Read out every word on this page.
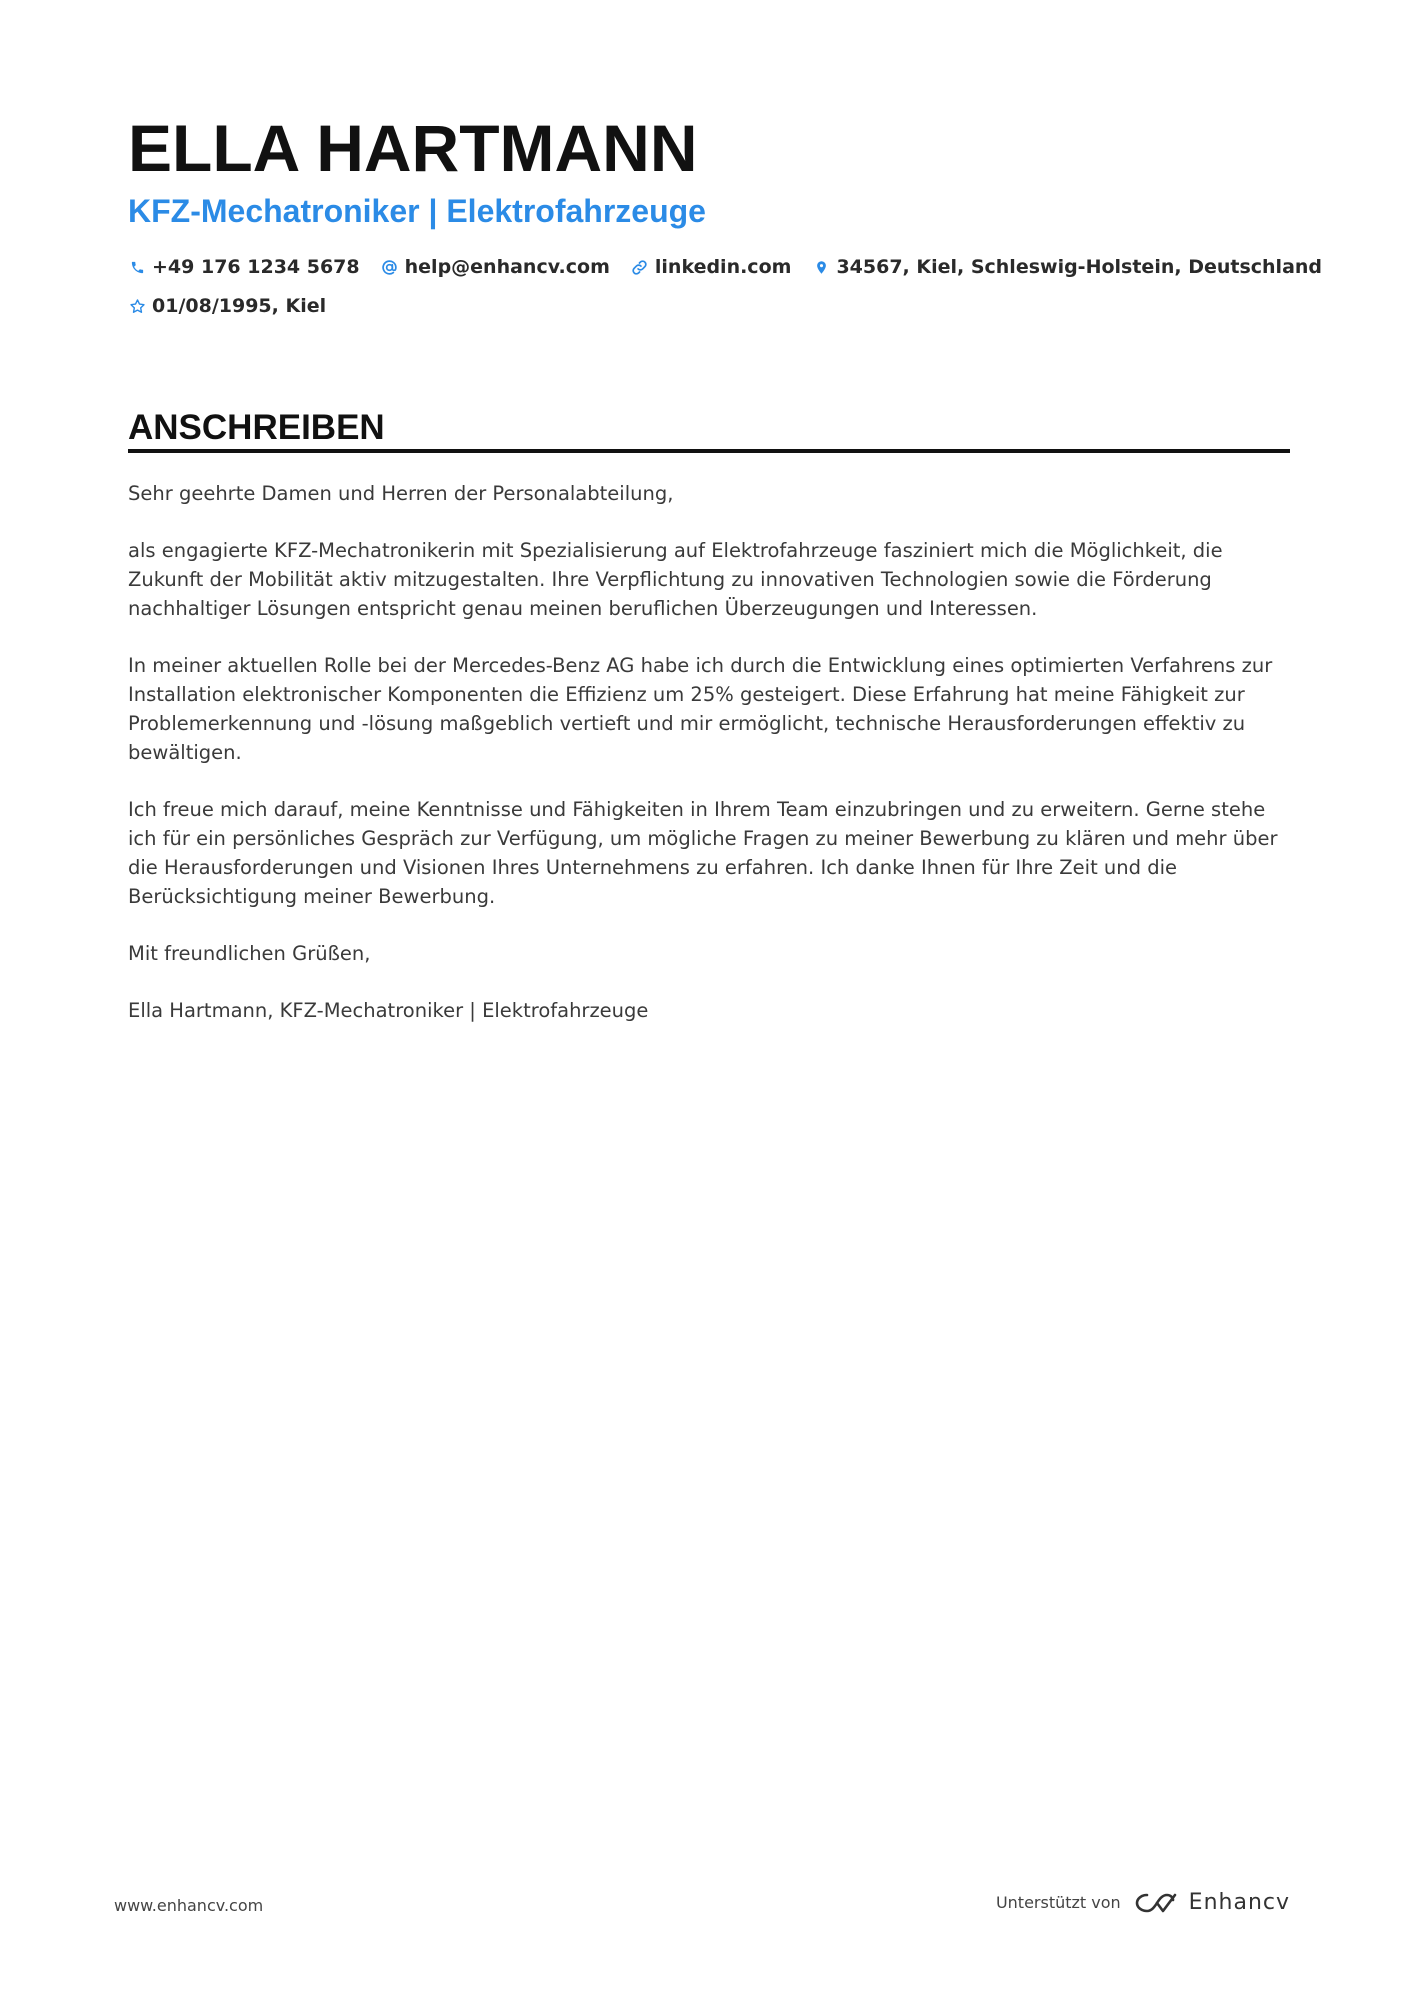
ELLA HARTMANN
KFZ-Mechatroniker | Elektrofahrzeuge
+49 176 1234 5678 help@enhancv.com linkedin.com 34567, Kiel, Schleswig-Holstein, Deutschland
01/08/1995, Kiel
ANSCHREIBEN

Sehr geehrte Damen und Herren der Personalabteilung,

als engagierte KFZ-Mechatronikerin mit Spezialisierung auf Elektrofahrzeuge fasziniert mich die Möglichkeit, die Zukunft der Mobilität aktiv mitzugestalten. Ihre Verpflichtung zu innovativen Technologien sowie die Förderung nachhaltiger Lösungen entspricht genau meinen beruflichen Überzeugungen und Interessen.

In meiner aktuellen Rolle bei der Mercedes-Benz AG habe ich durch die Entwicklung eines optimierten Verfahrens zur Installation elektronischer Komponenten die Effizienz um 25% gesteigert. Diese Erfahrung hat meine Fähigkeit zur Problemerkennung und -lösung maßgeblich vertieft und mir ermöglicht, technische Herausforderungen effektiv zu bewältigen.

Ich freue mich darauf, meine Kenntnisse und Fähigkeiten in Ihrem Team einzubringen und zu erweitern. Gerne stehe ich für ein persönliches Gespräch zur Verfügung, um mögliche Fragen zu meiner Bewerbung zu klären und mehr über die Herausforderungen und Visionen Ihres Unternehmens zu erfahren. Ich danke Ihnen für Ihre Zeit und die Berücksichtigung meiner Bewerbung.

Mit freundlichen Grüßen,

Ella Hartmann, KFZ-Mechatroniker | Elektrofahrzeuge

www.enhancv.com	Unterstützt von	Enhancv
